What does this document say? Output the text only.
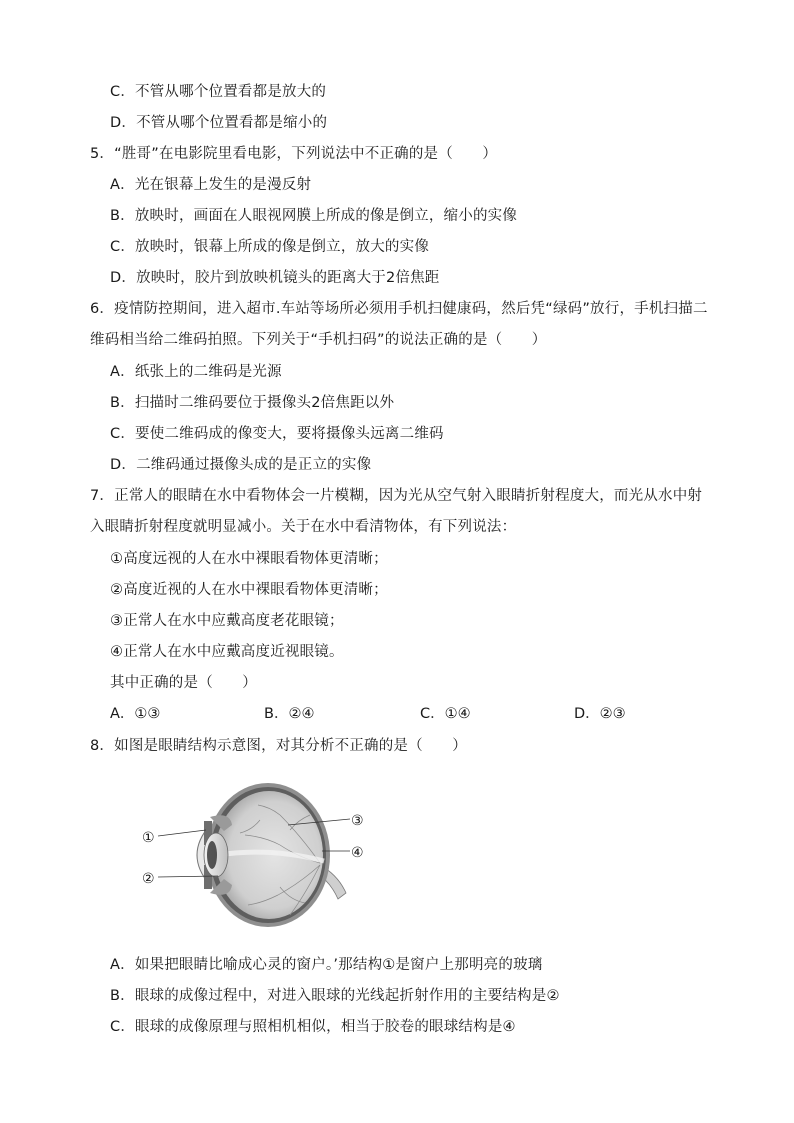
C．不管从哪个位置看都是放大的
D．不管从哪个位置看都是缩小的
5．“胜哥”在电影院里看电影，下列说法中不正确的是（　　）
A．光在银幕上发生的是漫反射
B．放映时，画面在人眼视网膜上所成的像是倒立，缩小的实像
C．放映时，银幕上所成的像是倒立，放大的实像
D．放映时，胶片到放映机镜头的距离大于2倍焦距
6．疫情防控期间，进入超市.车站等场所必须用手机扫健康码，然后凭“绿码”放行，手机扫描二
维码相当给二维码拍照。下列关于“手机扫码”的说法正确的是（　　）
A．纸张上的二维码是光源
B．扫描时二维码要位于摄像头2倍焦距以外
C．要使二维码成的像变大，要将摄像头远离二维码
D．二维码通过摄像头成的是正立的实像
7．正常人的眼睛在水中看物体会一片模糊，因为光从空气射入眼睛折射程度大，而光从水中射
入眼睛折射程度就明显减小。关于在水中看清物体，有下列说法：
①高度远视的人在水中裸眼看物体更清晰；
②高度近视的人在水中裸眼看物体更清晰；
③正常人在水中应戴高度老花眼镜；
④正常人在水中应戴高度近视眼镜。
其中正确的是（　　）
A．①③	B．②④	C．①④	D．②③
8．如图是眼睛结构示意图，对其分析不正确的是（　　）
①
②
③
④
A．如果把眼睛比喻成心灵的窗户。’那结构①是窗户上那明亮的玻璃
B．眼球的成像过程中，对进入眼球的光线起折射作用的主要结构是②
C．眼球的成像原理与照相机相似，相当于胶卷的眼球结构是④
